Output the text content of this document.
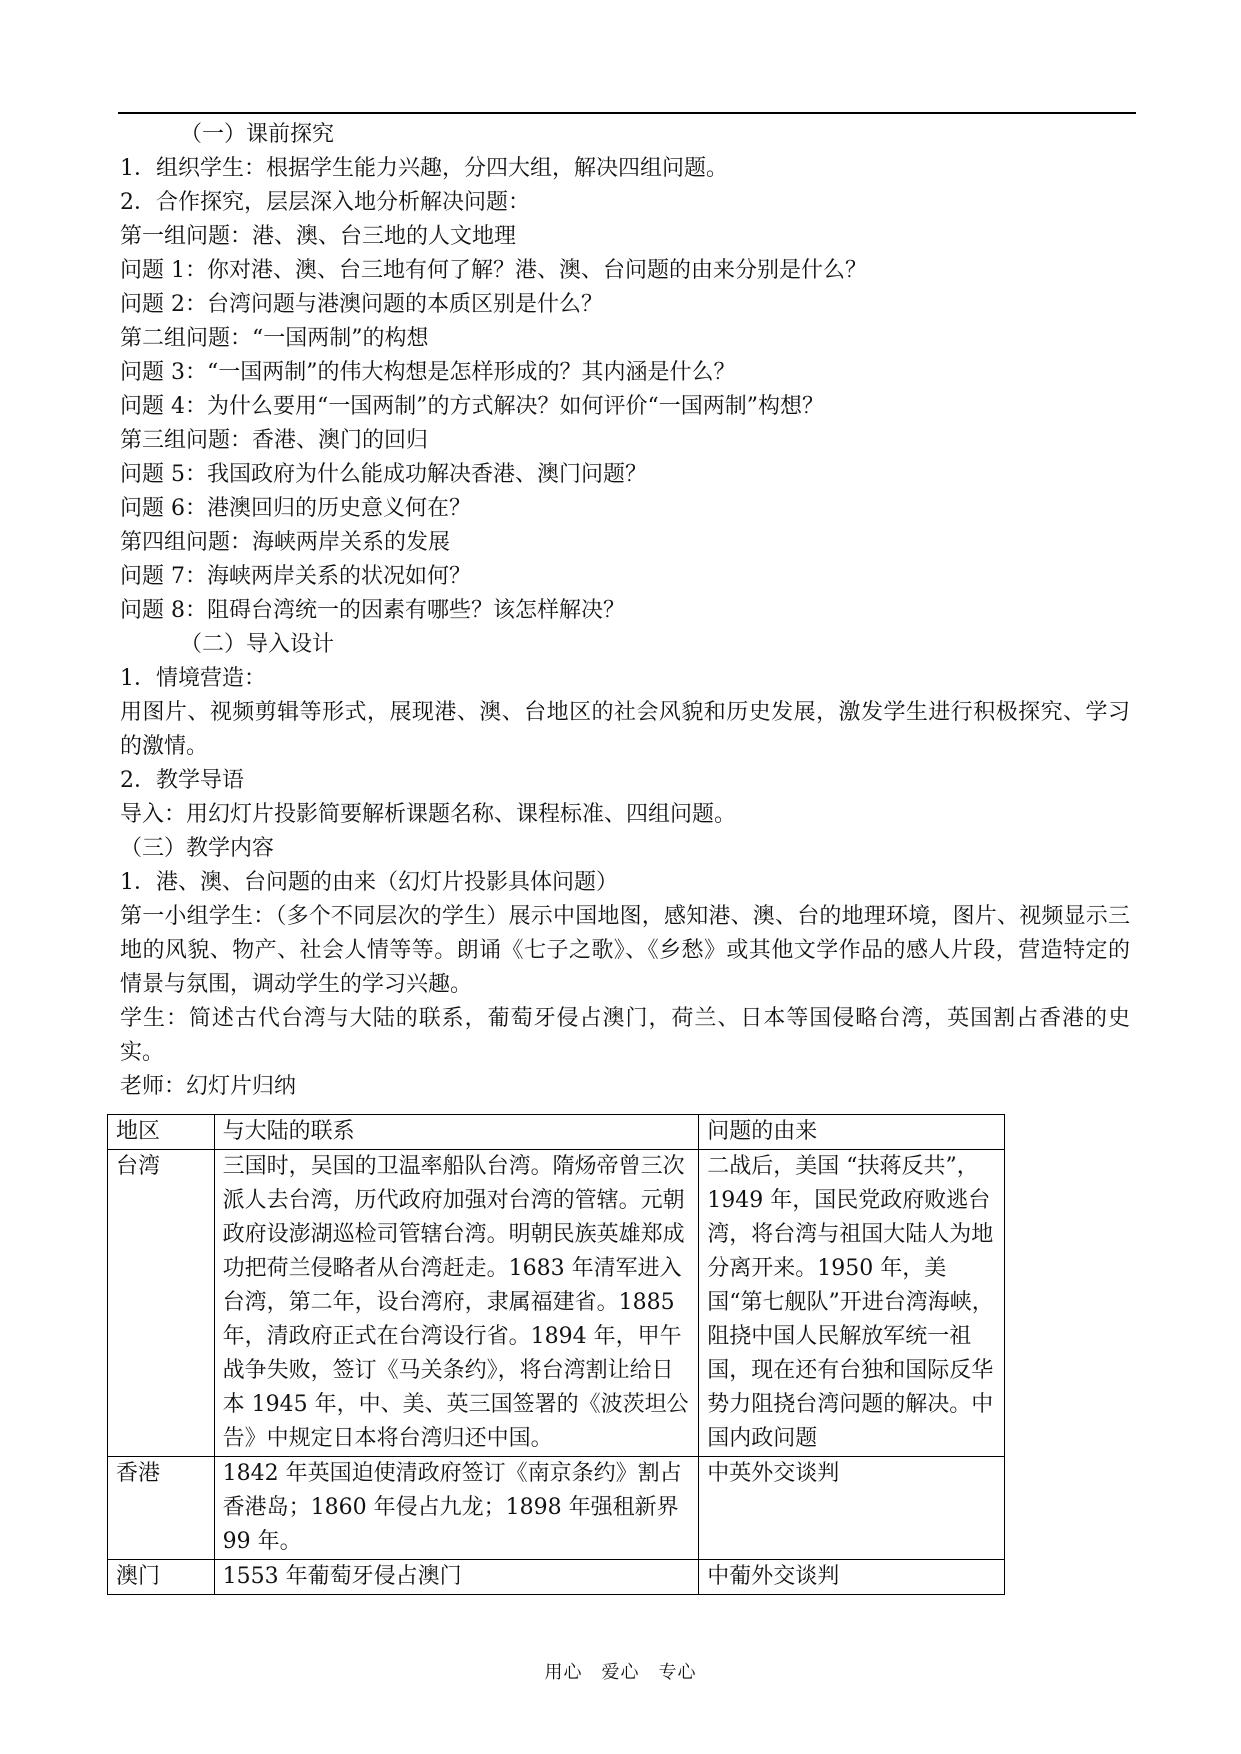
（一）课前探究
1．组织学生：根据学生能力兴趣，分四大组，解决四组问题。
2．合作探究，层层深入地分析解决问题：
第一组问题：港、澳、台三地的人文地理
问题 1：你对港、澳、台三地有何了解？港、澳、台问题的由来分别是什么？
问题 2：台湾问题与港澳问题的本质区别是什么？
第二组问题：“一国两制”的构想
问题 3：“一国两制”的伟大构想是怎样形成的？其内涵是什么？
问题 4：为什么要用“一国两制”的方式解决？如何评价“一国两制”构想？
第三组问题：香港、澳门的回归
问题 5：我国政府为什么能成功解决香港、澳门问题？
问题 6：港澳回归的历史意义何在？
第四组问题：海峡两岸关系的发展
问题 7：海峡两岸关系的状况如何？
问题 8：阻碍台湾统一的因素有哪些？该怎样解决？
（二）导入设计
1．情境营造：
用图片、视频剪辑等形式，展现港、澳、台地区的社会风貌和历史发展，激发学生进行积极探究、学习的激情。
2．教学导语
导入：用幻灯片投影简要解析课题名称、课程标准、四组问题。
（三）教学内容
1．港、澳、台问题的由来（幻灯片投影具体问题）
第一小组学生：（多个不同层次的学生）展示中国地图，感知港、澳、台的地理环境，图片、视频显示三地的风貌、物产、社会人情等等。朗诵《七子之歌》、《乡愁》或其他文学作品的感人片段，营造特定的情景与氛围，调动学生的学习兴趣。
学生：简述古代台湾与大陆的联系，葡萄牙侵占澳门，荷兰、日本等国侵略台湾，英国割占香港的史实。
老师：幻灯片归纳
地区	与大陆的联系	问题的由来
台湾	三国时，吴国的卫温率船队台湾。隋炀帝曾三次派人去台湾，历代政府加强对台湾的管辖。元朝政府设澎湖巡检司管辖台湾。明朝民族英雄郑成功把荷兰侵略者从台湾赶走。1683 年清军进入台湾，第二年，设台湾府，隶属福建省。1885 年，清政府正式在台湾设行省。1894 年，甲午战争失败，签订《马关条约》，将台湾割让给日本 1945 年，中、美、英三国签署的《波茨坦公告》中规定日本将台湾归还中国。	二战后，美国 “扶蒋反共”，1949 年，国民党政府败逃台湾，将台湾与祖国大陆人为地分离开来。1950 年，美国“第七舰队”开进台湾海峡，阻挠中国人民解放军统一祖国，现在还有台独和国际反华势力阻挠台湾问题的解决。中国内政问题
香港	1842 年英国迫使清政府签订《南京条约》割占香港岛；1860 年侵占九龙；1898 年强租新界 99 年。	中英外交谈判
澳门	1553 年葡萄牙侵占澳门	中葡外交谈判
用心　爱心　专心
